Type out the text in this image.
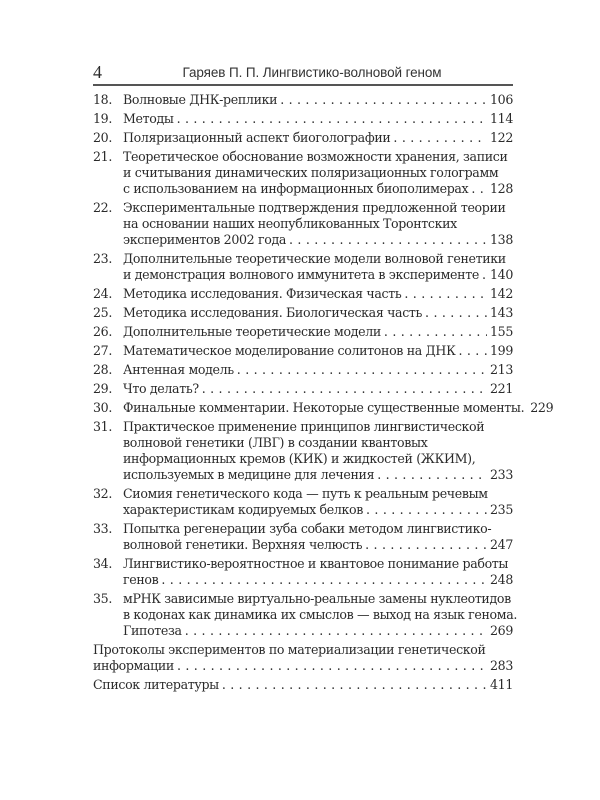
4	Гаряев П. П. Лингвистико-волновой геном
18. Волновые ДНК-реплики . . .	106
19. Методы . . .	114
20. Поляризационный аспект биоголографии . . .	122
21. Теоретическое обоснование возможности хранения, записи
и считывания динамических поляризационных голограмм
с использованием на информационных биополимерах . . . 128
22. Экспериментальные подтверждения предложенной теории
на основании наших неопубликованных Торонтских
экспериментов 2002 года . . .	138
23. Дополнительные теоретические модели волновой генетики
и демонстрация волнового иммунитета в эксперименте . . . 140
24. Методика исследования. Физическая часть . . .	142
25. Методика исследования. Биологическая часть . . .	143
26. Дополнительные теоретические модели . . .	155
27. Математическое моделирование солитонов на ДНК . . .	199
28. Антенная модель . . .	213
29. Что делать? . . .	221
30. Финальные комментарии. Некоторые существенные моменты. 229
31. Практическое применение принципов лингвистической
волновой генетики (ЛВГ) в создании квантовых
информационных кремов (КИК) и жидкостей (ЖКИМ),
используемых в медицине для лечения . . .	233
32. Сиомия генетического кода — путь к реальным речевым
характеристикам кодируемых белков . . .	235
33. Попытка регенерации зуба собаки методом лингвистико-
волновой генетики. Верхняя челюсть . . .	247
34. Лингвистико-вероятностное и квантовое понимание работы
генов . . .	248
35. мРНК зависимые виртуально-реальные замены нуклеотидов
в кодонах как динамика их смыслов — выход на язык генома.
Гипотеза . . .	269
Протоколы экспериментов по материализации генетической
информации . . .	283
Список литературы . . .	411
